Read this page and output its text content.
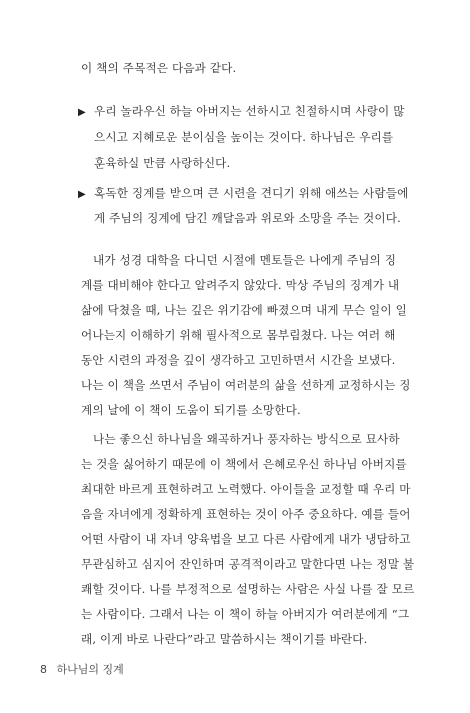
이 책의 주목적은 다음과 같다.
▶ 우리 놀라우신 하늘 아버지는 선하시고 친절하시며 사랑이 많
으시고 지혜로운 분이심을 높이는 것이다. 하나님은 우리를
훈육하실 만큼 사랑하신다.
▶ 혹독한 징계를 받으며 큰 시련을 견디기 위해 애쓰는 사람들에
게 주님의 징계에 담긴 깨달음과 위로와 소망을 주는 것이다.
내가 성경 대학을 다니던 시절에 멘토들은 나에게 주님의 징
계를 대비해야 한다고 알려주지 않았다. 막상 주님의 징계가 내
삶에 닥쳤을 때, 나는 깊은 위기감에 빠졌으며 내게 무슨 일이 일
어나는지 이해하기 위해 필사적으로 몸부림쳤다. 나는 여러 해
동안 시련의 과정을 깊이 생각하고 고민하면서 시간을 보냈다.
나는 이 책을 쓰면서 주님이 여러분의 삶을 선하게 교정하시는 징
계의 날에 이 책이 도움이 되기를 소망한다.
나는 좋으신 하나님을 왜곡하거나 풍자하는 방식으로 묘사하
는 것을 싫어하기 때문에 이 책에서 은혜로우신 하나님 아버지를
최대한 바르게 표현하려고 노력했다. 아이들을 교정할 때 우리 마
음을 자녀에게 정확하게 표현하는 것이 아주 중요하다. 예를 들어
어떤 사람이 내 자녀 양육법을 보고 다른 사람에게 내가 냉담하고
무관심하고 심지어 잔인하며 공격적이라고 말한다면 나는 정말 불
쾌할 것이다. 나를 부정적으로 설명하는 사람은 사실 나를 잘 모르
는 사람이다. 그래서 나는 이 책이 하늘 아버지가 여러분에게 “그
래, 이게 바로 나란다”라고 말씀하시는 책이기를 바란다.
8 하나님의 징계
